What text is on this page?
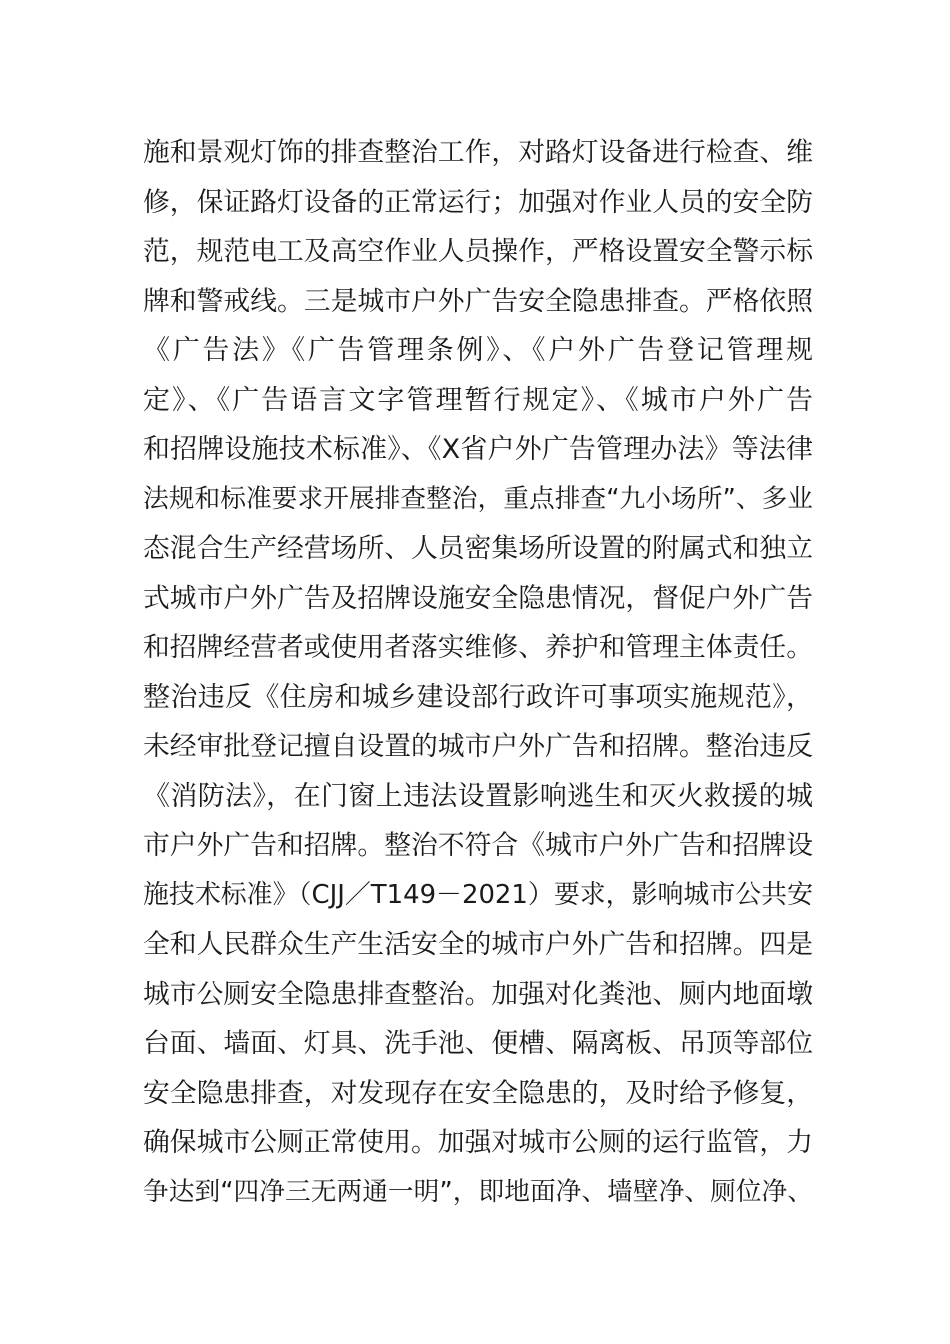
施和景观灯饰的排查整治工作，对路灯设备进行检查、维
修，保证路灯设备的正常运行；加强对作业人员的安全防
范，规范电工及高空作业人员操作，严格设置安全警示标
牌和警戒线。三是城市户外广告安全隐患排查。严格依照
《广告法》《广告管理条例》、《户外广告登记管理规
定》、《广告语言文字管理暂行规定》、《城市户外广告
和招牌设施技术标准》、《X省户外广告管理办法》等法律
法规和标准要求开展排查整治，重点排查“九小场所”、多业
态混合生产经营场所、人员密集场所设置的附属式和独立
式城市户外广告及招牌设施安全隐患情况，督促户外广告
和招牌经营者或使用者落实维修、养护和管理主体责任。
整治违反《住房和城乡建设部行政许可事项实施规范》，
未经审批登记擅自设置的城市户外广告和招牌。整治违反
《消防法》，在门窗上违法设置影响逃生和灭火救援的城
市户外广告和招牌。整治不符合《城市户外广告和招牌设
施技术标准》（CJJ／T149－2021）要求，影响城市公共安
全和人民群众生产生活安全的城市户外广告和招牌。四是
城市公厕安全隐患排查整治。加强对化粪池、厕内地面墩
台面、墙面、灯具、洗手池、便槽、隔离板、吊顶等部位
安全隐患排查，对发现存在安全隐患的，及时给予修复，
确保城市公厕正常使用。加强对城市公厕的运行监管，力
争达到“四净三无两通一明”，即地面净、墙壁净、厕位净、
